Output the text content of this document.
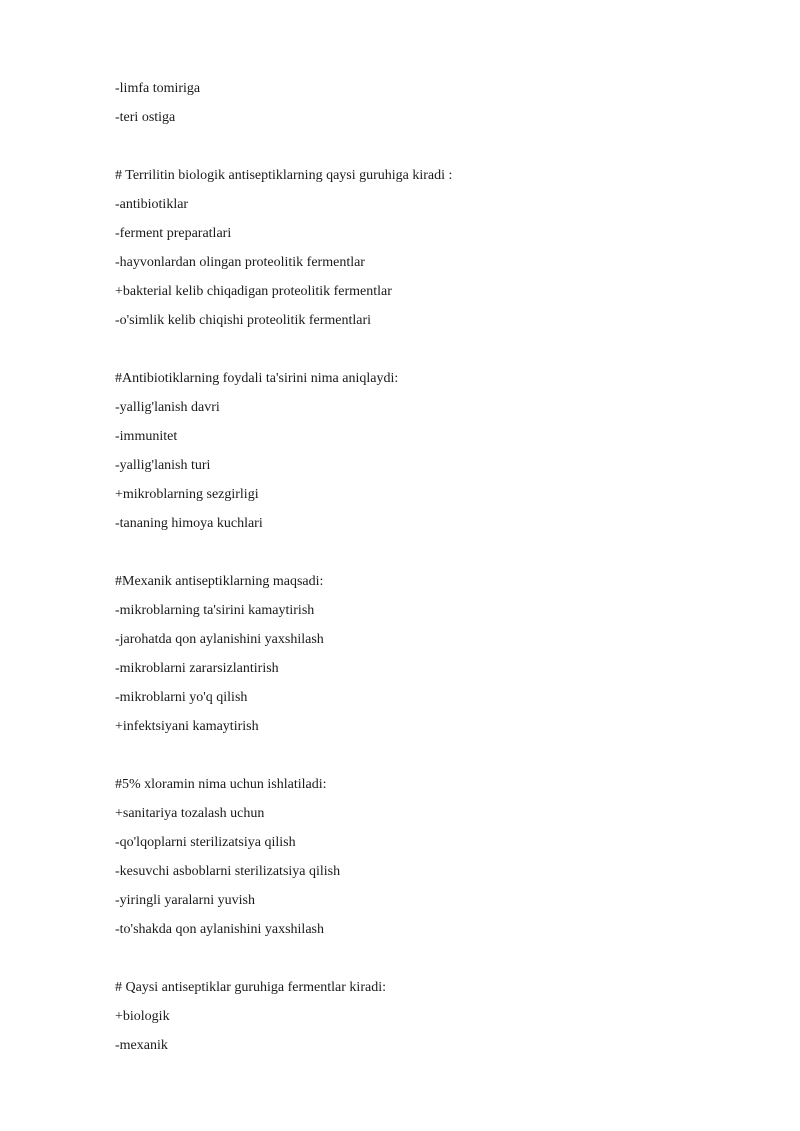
-limfa tomiriga
-teri ostiga
# Terrilitin biologik antiseptiklarning qaysi guruhiga kiradi :
-antibiotiklar
-ferment preparatlari
-hayvonlardan olingan proteolitik fermentlar
+bakterial kelib chiqadigan proteolitik fermentlar
-o'simlik kelib chiqishi proteolitik fermentlari
#Antibiotiklarning foydali ta'sirini nima aniqlaydi:
-yallig'lanish davri
-immunitet
-yallig'lanish turi
+mikroblarning sezgirligi
-tananing himoya kuchlari
#Mexanik antiseptiklarning maqsadi:
-mikroblarning ta'sirini kamaytirish
-jarohatda qon aylanishini yaxshilash
-mikroblarni zararsizlantirish
-mikroblarni yo'q qilish
+infektsiyani kamaytirish
#5% xloramin nima uchun ishlatiladi:
+sanitariya tozalash uchun
-qo'lqoplarni sterilizatsiya qilish
-kesuvchi asboblarni sterilizatsiya qilish
-yiringli yaralarni yuvish
-to'shakda qon aylanishini yaxshilash
# Qaysi antiseptiklar guruhiga fermentlar kiradi:
+biologik
-mexanik
